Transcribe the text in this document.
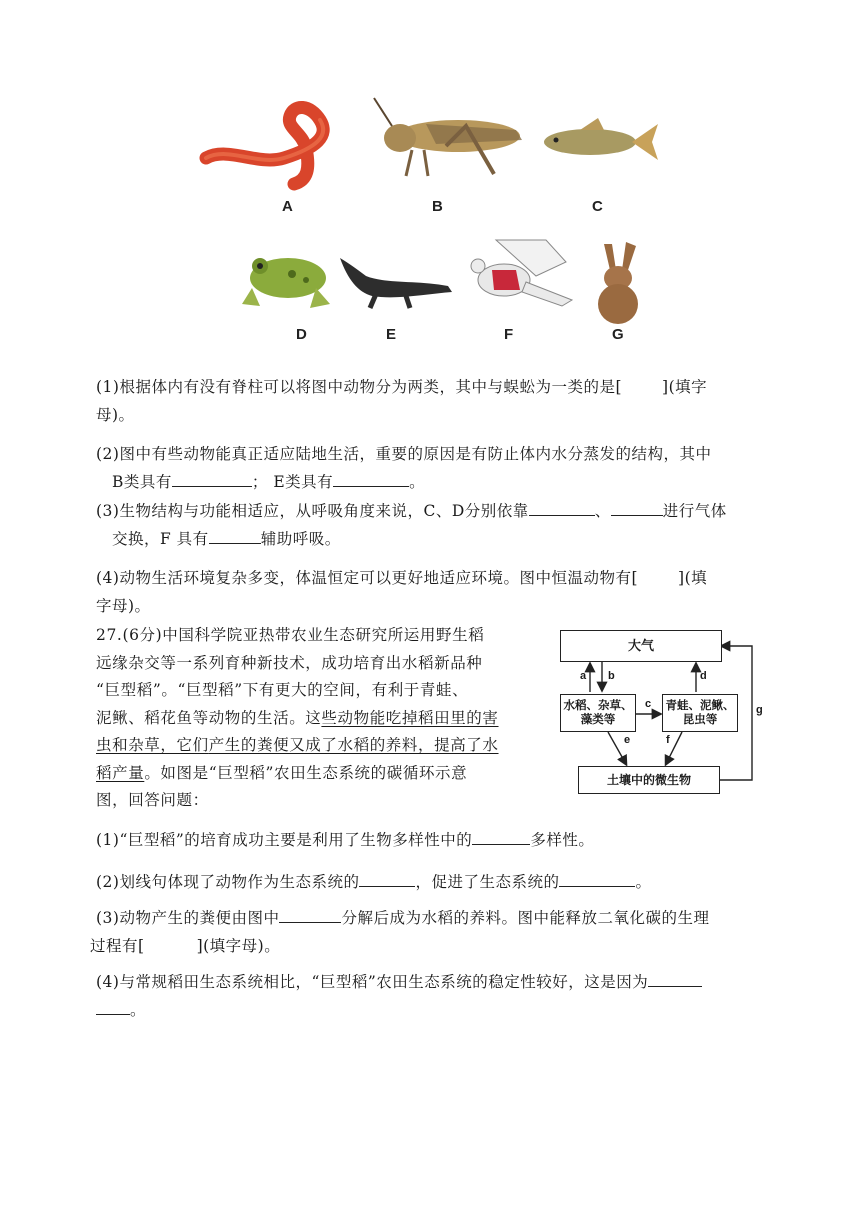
A	B	C
D	E	F	G
(1)根据体内有没有脊柱可以将图中动物分为两类，其中与蜈蚣为一类的是[	](填字
母)。
(2)图中有些动物能真正适应陆地生活，重要的原因是有防止体内水分蒸发的结构，其中
B类具有	； E类具有	。
(3)生物结构与功能相适应，从呼吸角度来说，C、D分别依靠	、	进行气体
交换，F 具有	辅助呼吸。
(4)动物生活环境复杂多变，体温恒定可以更好地适应环境。图中恒温动物有[	](填
字母)。
27.(6分)中国科学院亚热带农业生态研究所运用野生稻
远缘杂交等一系列育种新技术，成功培育出水稻新品种
“巨型稻”。“巨型稻”下有更大的空间，有利于青蛙、
泥鳅、稻花鱼等动物的生活。这些动物能吃掉稻田里的害
虫和杂草，它们产生的粪便又成了水稻的养料，提高了水
稻产量。如图是“巨型稻”农田生态系统的碳循环示意
图，回答问题：
大气
水稻、杂草、藻类等
青蛙、泥鳅、昆虫等
土壤中的微生物
a b
c
d
e	f
g
(1)“巨型稻”的培育成功主要是利用了生物多样性中的	多样性。
(2)划线句体现了动物作为生态系统的	，促进了生态系统的	。
(3)动物产生的粪便由图中	分解后成为水稻的养料。图中能释放二氧化碳的生理
过程有[	](填字母)。
(4)与常规稻田生态系统相比，“巨型稻”农田生态系统的稳定性较好，这是因为
。
